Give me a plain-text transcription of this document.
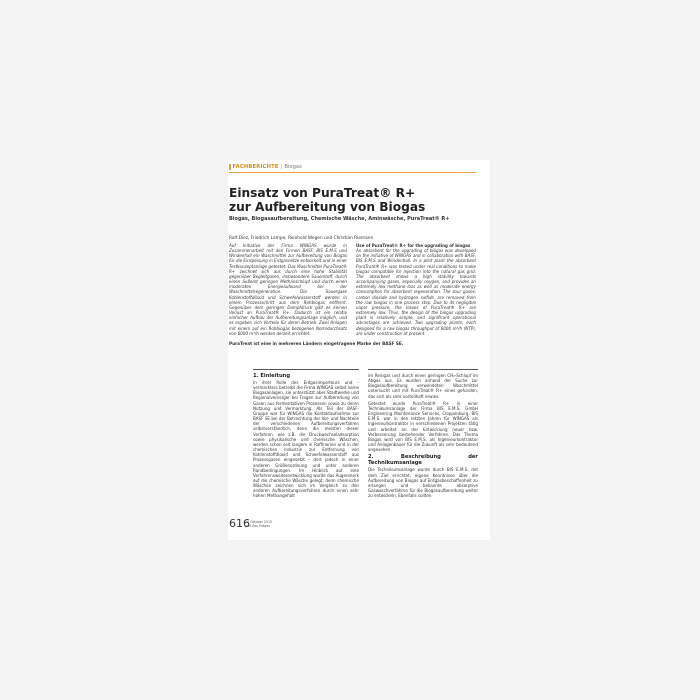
FACHBERICHTE | Biogas
Einsatz von PuraTreat® R+
zur Aufbereitung von Biogas
Biogas, Biogasaufbereitung, Chemische Wäsche, Aminwäsche, PuraTreat® R+
Ralf Diez, Friedrich Lampe, Reinhold Wegen und Christian Riemann
Auf Initiative der Firma WINGAS wurde in Zusammenarbeit mit den Firmen BASF, BIS E.M.S und Windenhall ein Waschmittel zur Aufbereitung von Biogas für die Einspeisung in Erdgasnetze entwickelt und in einer Testkonzeptanlage getestet. Das Waschmittel PuraTreat® R+ zeichnet sich aus durch eine hohe Stabilität gegenüber Begleitgasen, insbesondere Sauerstoff, durch einen äußerst geringen Methanschlupf und durch einen moderaten Energieaufwand bei der Waschmittelregeneration. Die Sauergase Kohlenstoffdioxid und Schwefelwasserstoff werden in einem Prozessschritt aus dem Rohbiogas entfernt. Gegenüber dem geringen Dampfdruck gibt es keinen Verlust an PuraTreat® R+. Dadurch ist ein relativ einfacher Aufbau der Aufbereitungsanlage möglich, und es ergeben sich Vorteile für deren Betrieb. Zwei Anlagen mit einem auf ein Rohbiogas bezogenen Normdurchsatz von 6000 m³/h werden derzeit errichtet.
Use of PuraTreat® R+ for the upgrading of biogas
An absorbent for the upgrading of biogas was developed on the initiative of WINGAS and in collaboration with BASF, BIS E.M.S and Windenhall. In a pilot plant the absorbent PuraTreat® R+ was tested under real conditions to make biogas compatible for injection into the natural gas grid. The absorbent shows a high stability towards accompanying gases, especially oxygen, and provides an extremely low methane loss as well as moderate energy consumption for absorbent regeneration. The sour gases, carbon dioxide and hydrogen sulfide, are removed from the raw biogas in one process step. Due to its negligible vapor pressure, the losses of PuraTreat® R+ are extremely low. Thus, the design of the biogas upgrading plant is relatively simple, and significant operational advantages are achieved. Two upgrading plants, each designed for a raw biogas throughput of 6000 m³/h (NTP), are under construction at present.
PuraTreat ist eine in mehreren Ländern eingetragene Marke der BASF SE.
1. Einleitung

In ihrer Rolle des Erdgasimporteurs und -vermarkters betreibt die Firma WINGAS selbst keine Biogasanlagen, sie unterstützt aber Stadtwerke und Regionalversorger bei Fragen zur Aufbereitung von Gasen aus fermentativen Prozessen sowie zu deren Nutzung und Vermarktung. Als Teil der BASF-Gruppe war für WINGAS die Kontaktaufnahme zur BASF SE bei der Betrachtung der Vor- und Nachteile der verschiedenen Aufbereitungsverfahren selbstverständlich, denn die meisten dieser Verfahren, wie z.B. die Druckwechseladsorption sowie physikalische und chemische Wäschen, werden schon seit langem in Raffinerien und in der chemischen Industrie zur Entfernung von Kohlenstoffdioxid und Schwefelwasserstoff aus Prozessgasen eingesetzt – dort jedoch in einer anderen Größenordnung und unter anderen Randbedingungen. Im Hinblick auf eine Verfahrensweiterentwicklung wurde das Augenmerk auf die chemische Wäsche gelegt, denn chemische Wäschen zeichnen sich im Vergleich zu den anderen Aufbereitungsverfahren durch einen sehr hohen Methangehalt

im Reingas und durch einen geringen CH₄-Schlupf im Abgas aus. Es wurden anhand der Suche zur Biogasaufbereitung verwendeten Waschmittel untersucht und mit PuraTreat® R+ eines gefunden, das sich als sehr vorteilhaft erwies.

Getestet wurde PuraTreat® R+ in einer Technikumsanlage der Firma BIS E.M.S. GmbH Engineering Maintenance Services, Cloppenburg. BIS E.M.S. war in den letzten Jahren für WINGAS als Ingenieurkontraktor in verschiedenen Projekten tätig und arbeitet an der Entwicklung neuer bzw. Verbesserung bestehender Verfahren. Das Thema Biogas wird von BIS E.M.S. als Ingenieurkontraktor und Anlagenbauer für die Zukunft als sehr bedeutend angesehen.

2. Beschreibung der Technikumsanlage

Die Technikumsanlage wurde durch BIS E.M.S. mit dem Ziel errichtet, eigene Kenntnisse über die Aufbereitung von Biogas auf Erdgasbeschaffenheit zu erlangen und bekannte absorptive Gaswaschverfahren für die Biogasaufbereitung weiter zu entwickeln. Ebenfalls sollten

616
12 Oktober 2010
gwf-Gas Erdgas
